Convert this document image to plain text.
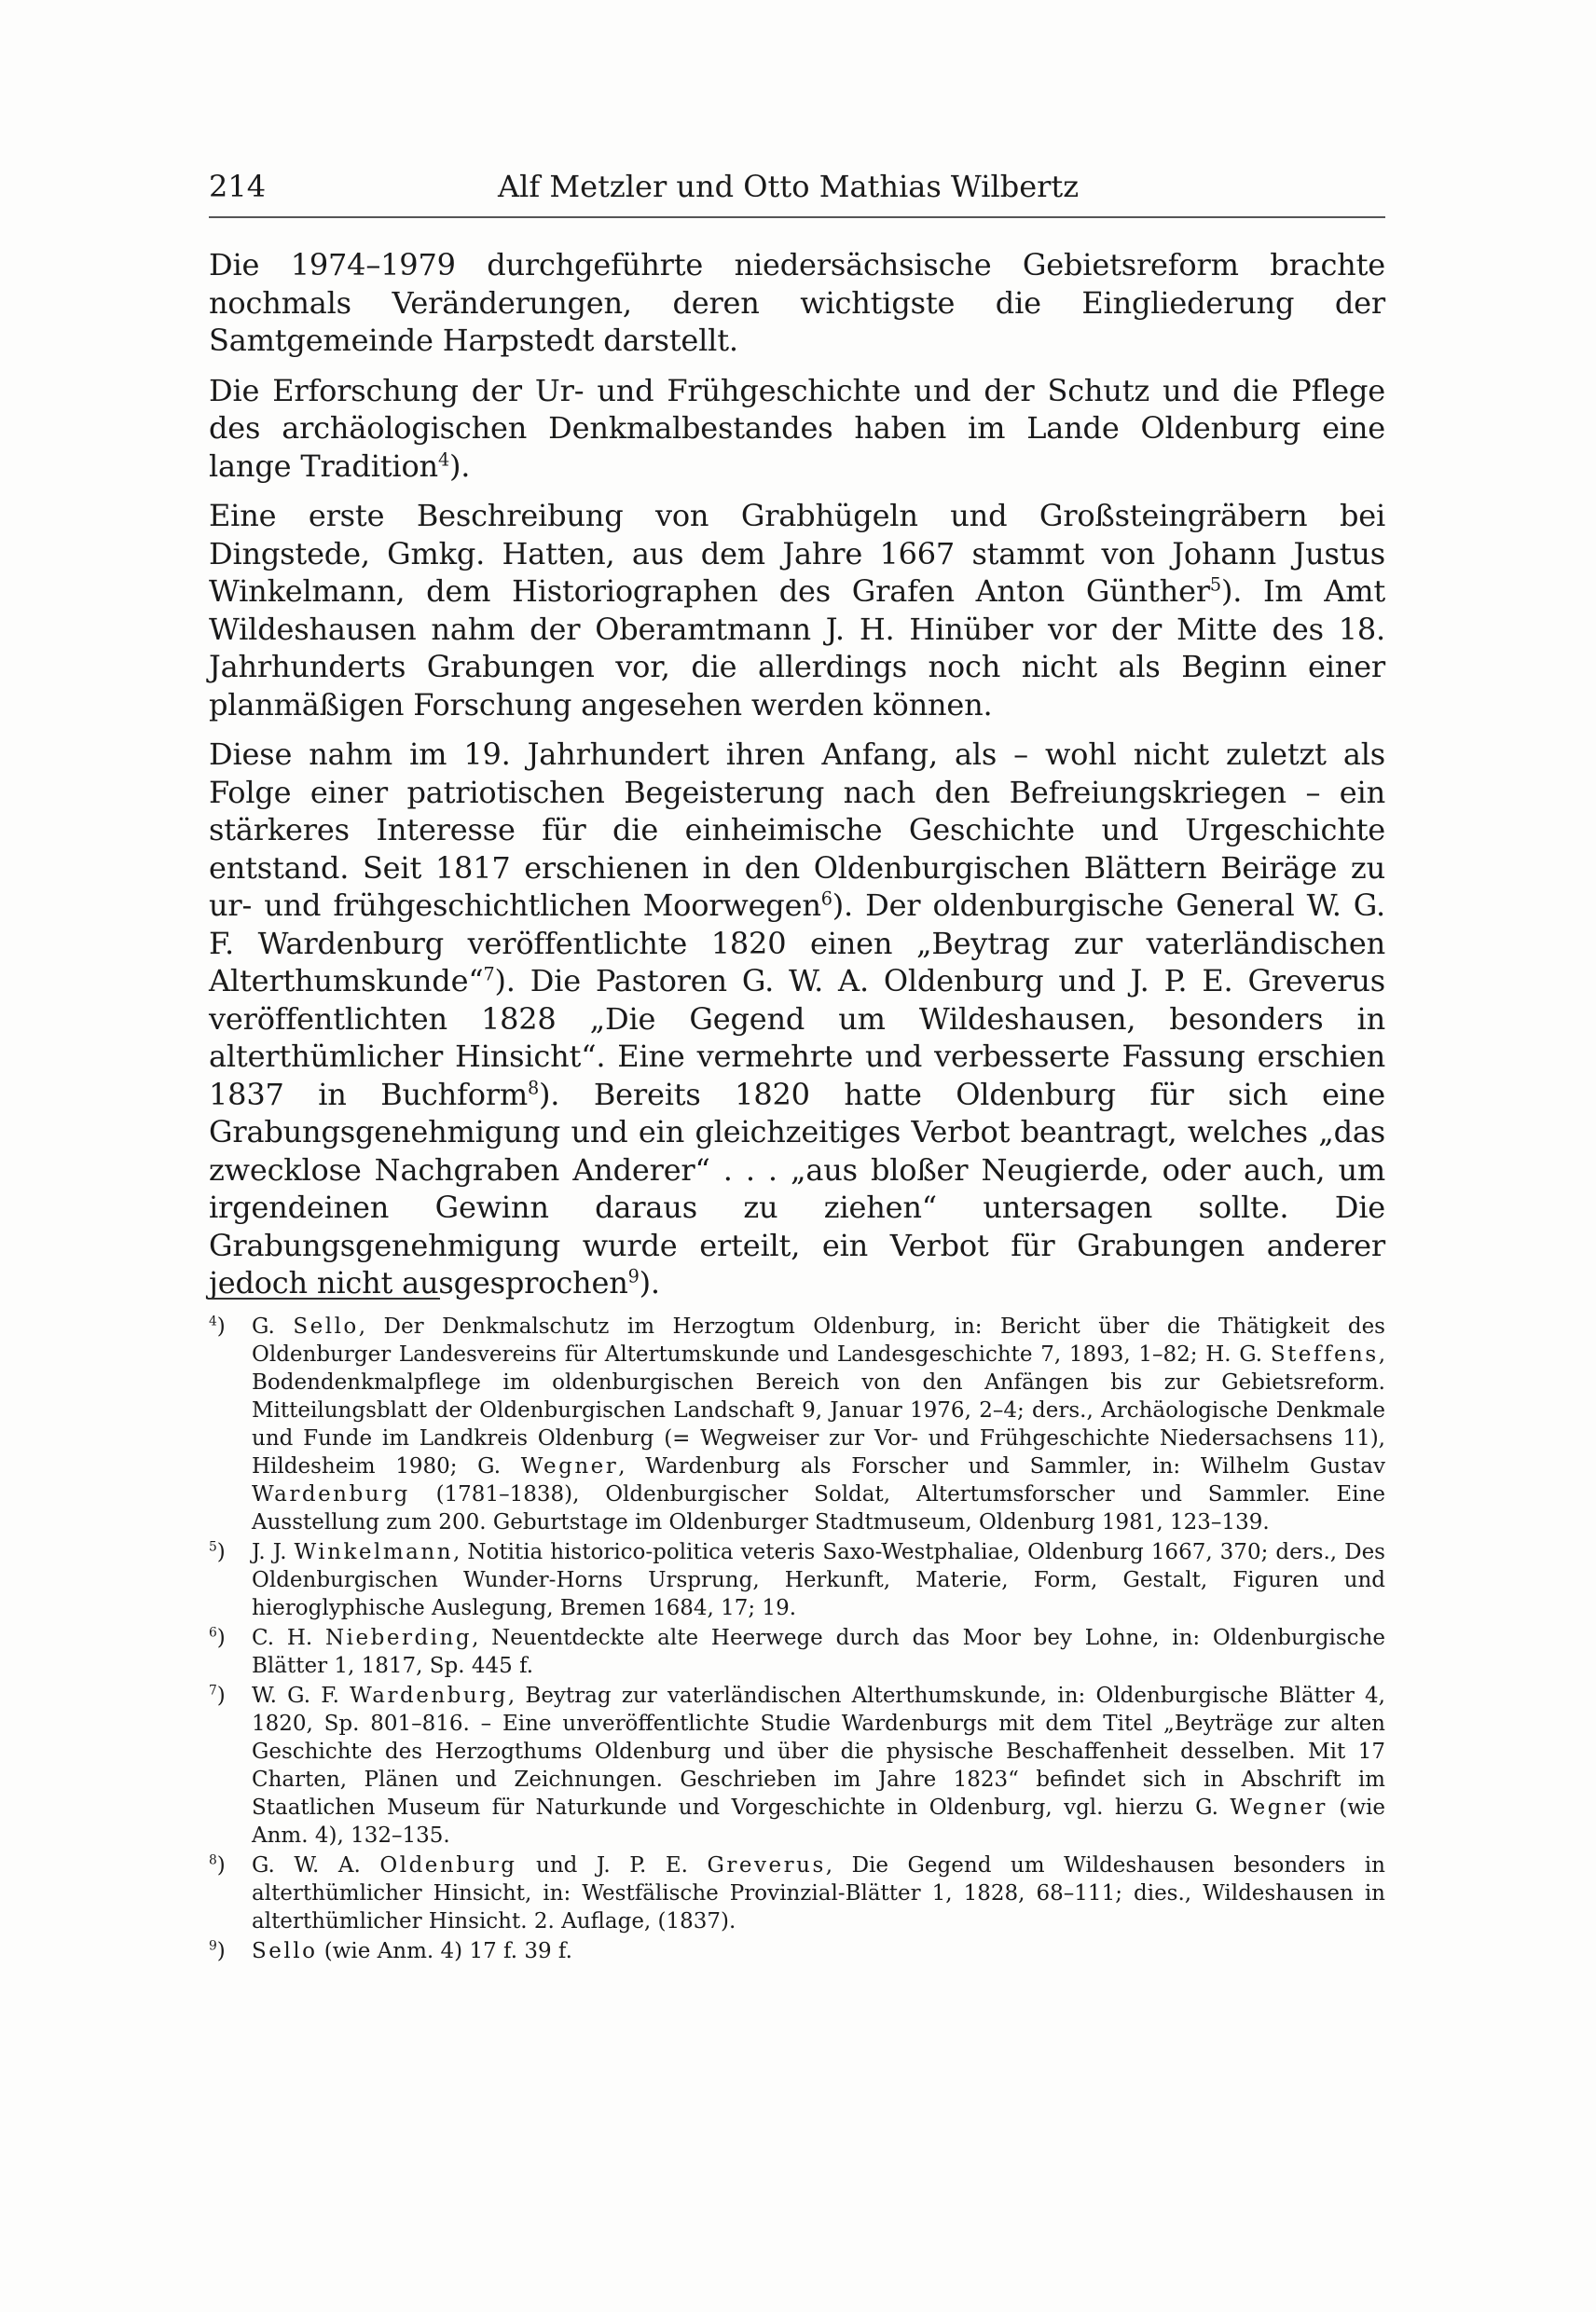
214	Alf Metzler und Otto Mathias Wilbertz

Die 1974–1979 durchgeführte niedersächsische Gebietsreform brachte nochmals Veränderungen, deren wichtigste die Eingliederung der Samtgemeinde Harpstedt darstellt.

Die Erforschung der Ur- und Frühgeschichte und der Schutz und die Pflege des archäologischen Denkmalbestandes haben im Lande Oldenburg eine lange Tradition$^4$).

Eine erste Beschreibung von Grabhügeln und Großsteingräbern bei Dingstede, Gmkg. Hatten, aus dem Jahre 1667 stammt von Johann Justus Winkelmann, dem Historiographen des Grafen Anton Günther$^5$). Im Amt Wildeshausen nahm der Oberamtmann J. H. Hinüber vor der Mitte des 18. Jahrhunderts Grabungen vor, die allerdings noch nicht als Beginn einer planmäßigen Forschung angesehen werden können.

Diese nahm im 19. Jahrhundert ihren Anfang, als – wohl nicht zuletzt als Folge einer patriotischen Begeisterung nach den Befreiungskriegen – ein stärkeres Interesse für die einheimische Geschichte und Urgeschichte entstand. Seit 1817 erschienen in den Oldenburgischen Blättern Beiräge zu ur- und frühgeschichtlichen Moorwegen$^6$). Der oldenburgische General W. G. F. Wardenburg veröffentlichte 1820 einen „Beytrag zur vaterländischen Alterthumskunde“$^7$). Die Pastoren G. W. A. Oldenburg und J. P. E. Greverus veröffentlichten 1828 „Die Gegend um Wildeshausen, besonders in alterthümlicher Hinsicht“. Eine vermehrte und verbesserte Fassung erschien 1837 in Buchform$^8$). Bereits 1820 hatte Oldenburg für sich eine Grabungsgenehmigung und ein gleichzeitiges Verbot beantragt, welches „das zwecklose Nachgraben Anderer“ . . . „aus bloßer Neugierde, oder auch, um irgendeinen Gewinn daraus zu ziehen“ untersagen sollte. Die Grabungsgenehmigung wurde erteilt, ein Verbot für Grabungen anderer jedoch nicht ausgesprochen$^9$).

$^4$) G. Sello, Der Denkmalschutz im Herzogtum Oldenburg, in: Bericht über die Thätigkeit des Oldenburger Landesvereins für Altertumskunde und Landesgeschichte 7, 1893, 1–82; H. G. Steffens, Bodendenkmalpflege im oldenburgischen Bereich von den Anfängen bis zur Gebietsreform. Mitteilungsblatt der Oldenburgischen Landschaft 9, Januar 1976, 2–4; ders., Archäologische Denkmale und Funde im Landkreis Oldenburg (= Wegweiser zur Vor- und Frühgeschichte Niedersachsens 11), Hildesheim 1980; G. Wegner, Wardenburg als Forscher und Sammler, in: Wilhelm Gustav Wardenburg (1781–1838), Oldenburgischer Soldat, Altertumsforscher und Sammler. Eine Ausstellung zum 200. Geburtstage im Oldenburger Stadtmuseum, Oldenburg 1981, 123–139.
$^5$) J. J. Winkelmann, Notitia historico-politica veteris Saxo-Westphaliae, Oldenburg 1667, 370; ders., Des Oldenburgischen Wunder-Horns Ursprung, Herkunft, Materie, Form, Gestalt, Figuren und hieroglyphische Auslegung, Bremen 1684, 17; 19.
$^6$) C. H. Nieberding, Neuentdeckte alte Heerwege durch das Moor bey Lohne, in: Oldenburgische Blätter 1, 1817, Sp. 445 f.
$^7$) W. G. F. Wardenburg, Beytrag zur vaterländischen Alterthumskunde, in: Oldenburgische Blätter 4, 1820, Sp. 801–816. – Eine unveröffentlichte Studie Wardenburgs mit dem Titel „Beyträge zur alten Geschichte des Herzogthums Oldenburg und über die physische Beschaffenheit desselben. Mit 17 Charten, Plänen und Zeichnungen. Geschrieben im Jahre 1823“ befindet sich in Abschrift im Staatlichen Museum für Naturkunde und Vorgeschichte in Oldenburg, vgl. hierzu G. Wegner (wie Anm. 4), 132–135.
$^8$) G. W. A. Oldenburg und J. P. E. Greverus, Die Gegend um Wildeshausen besonders in alterthümlicher Hinsicht, in: Westfälische Provinzial-Blätter 1, 1828, 68–111; dies., Wildeshausen in alterthümlicher Hinsicht. 2. Auflage, (1837).
$^9$) Sello (wie Anm. 4) 17 f. 39 f.
